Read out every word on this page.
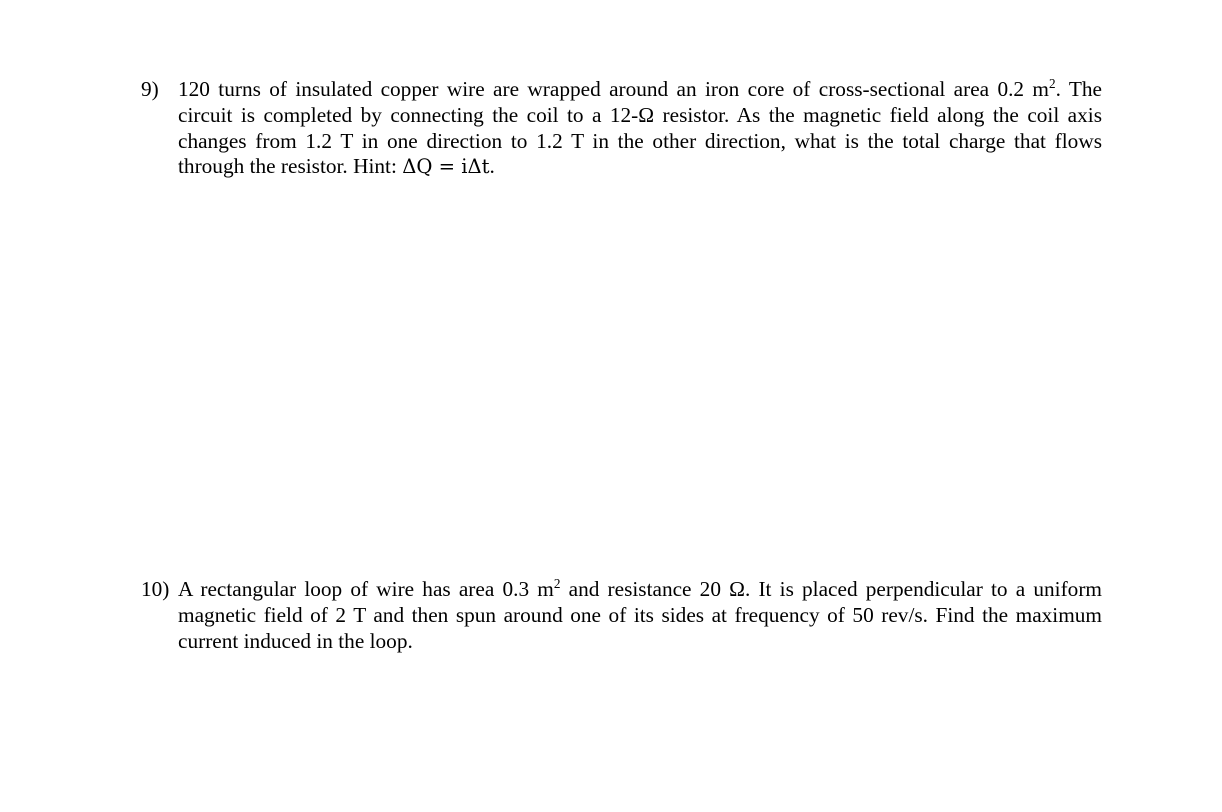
9) 120 turns of insulated copper wire are wrapped around an iron core of cross-sectional area 0.2 $m^2$. The
circuit is completed by connecting the coil to a 12-Ω resistor. As the magnetic field along the coil axis
changes from 1.2 T in one direction to 1.2 T in the other direction, what is the total charge that flows
through the resistor. Hint: ΔQ = iΔt.
10) A rectangular loop of wire has area 0.3 $m^2$ and resistance 20 Ω. It is placed perpendicular to a uniform
magnetic field of 2 T and then spun around one of its sides at frequency of 50 rev/s. Find the maximum
current induced in the loop.
